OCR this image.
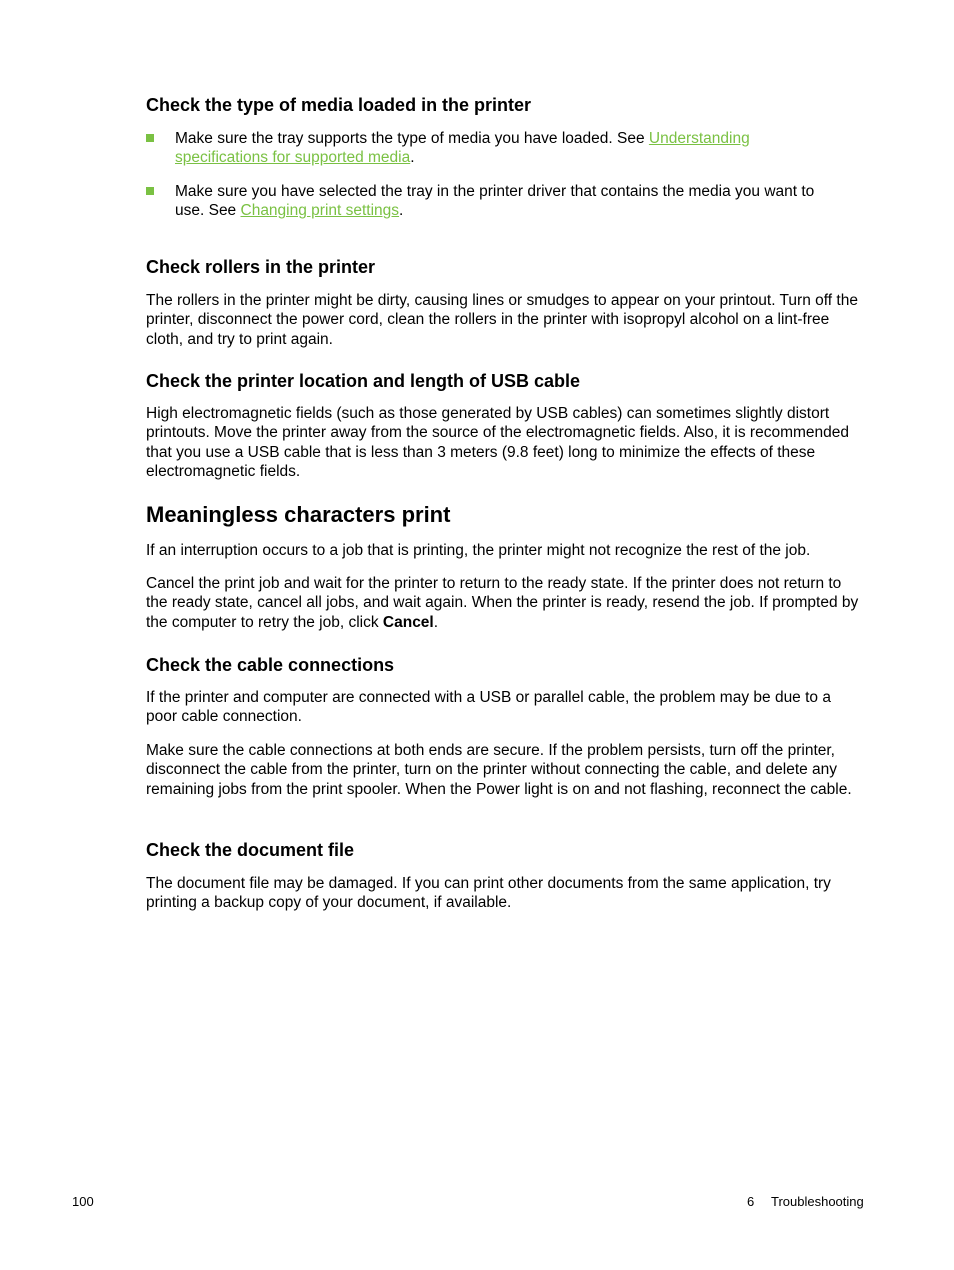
Check the type of media loaded in the printer
Make sure the tray supports the type of media you have loaded. See Understanding specifications for supported media.
Make sure you have selected the tray in the printer driver that contains the media you want to use. See Changing print settings.
Check rollers in the printer

The rollers in the printer might be dirty, causing lines or smudges to appear on your printout. Turn off the printer, disconnect the power cord, clean the rollers in the printer with isopropyl alcohol on a lint-free cloth, and try to print again.

Check the printer location and length of USB cable

High electromagnetic fields (such as those generated by USB cables) can sometimes slightly distort printouts. Move the printer away from the source of the electromagnetic fields. Also, it is recommended that you use a USB cable that is less than 3 meters (9.8 feet) long to minimize the effects of these electromagnetic fields.

Meaningless characters print

If an interruption occurs to a job that is printing, the printer might not recognize the rest of the job.

Cancel the print job and wait for the printer to return to the ready state. If the printer does not return to the ready state, cancel all jobs, and wait again. When the printer is ready, resend the job. If prompted by the computer to retry the job, click Cancel.

Check the cable connections

If the printer and computer are connected with a USB or parallel cable, the problem may be due to a poor cable connection.

Make sure the cable connections at both ends are secure. If the problem persists, turn off the printer, disconnect the cable from the printer, turn on the printer without connecting the cable, and delete any remaining jobs from the print spooler. When the Power light is on and not flashing, reconnect the cable.

Check the document file

The document file may be damaged. If you can print other documents from the same application, try printing a backup copy of your document, if available.

100	6 Troubleshooting
